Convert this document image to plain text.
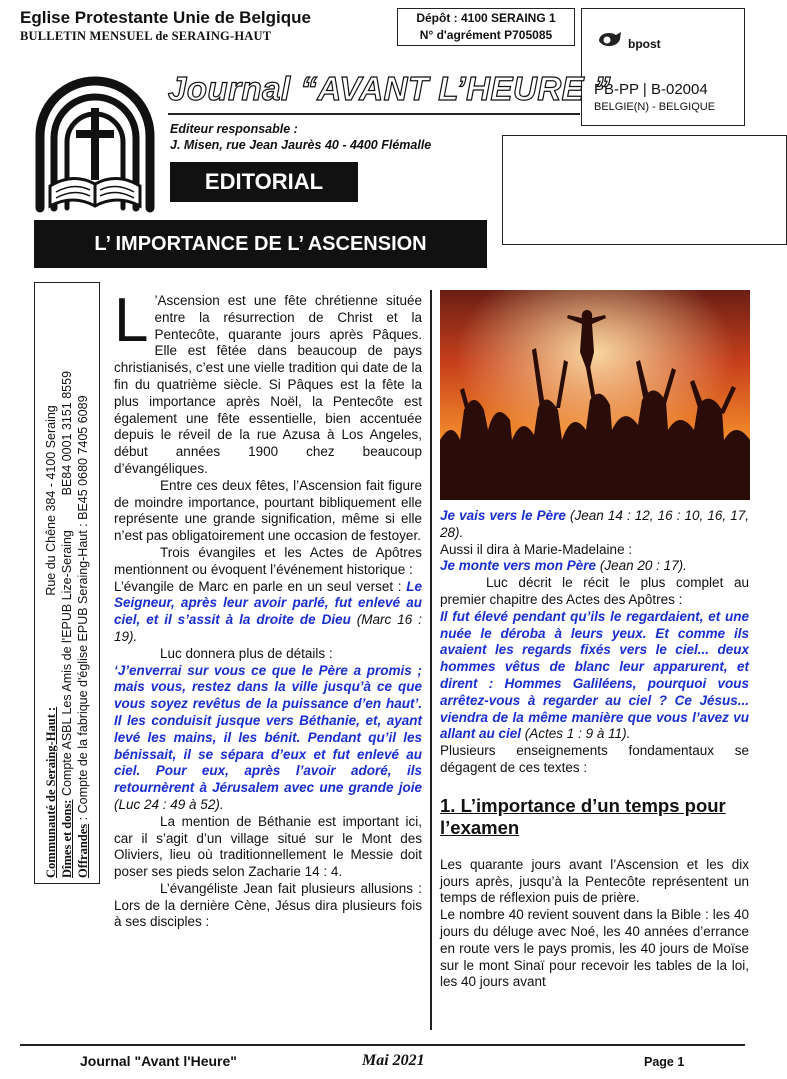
Eglise Protestante Unie de Belgique
BULLETIN MENSUEL de SERAING-HAUT
Dépôt : 4100 SERAING 1
N° d'agrément P705085
bpost
PB-PP | B-02004
BELGIE(N) - BELGIQUE
Journal “AVANT L’HEURE ”
Editeur responsable :
J. Misen, rue Jean Jaurès 40 - 4400 Flémalle
EDITORIAL
L’ IMPORTANCE DE L’ ASCENSION
Communauté de Seraing-Haut :                                Rue du Chêne 384 - 4100 Seraing
Dîmes et dons: Compte ASBL Les Amis de l'EPUB Lize-Seraing          BE84 0001 3151 8559
Offrandes : Compte de la fabrique d'église EPUB Seraing-Haut : BE45 0680 7405 6089

L ’Ascension est une fête chrétienne située entre la résurrection de Christ et la Pentecôte, quarante jours après Pâques. Elle est fêtée dans beaucoup de pays christianisés, c’est une vielle tradition qui date de la fin du quatrième siècle. Si Pâques est la fête la plus importance après Noël, la Pentecôte est également une fête essentielle, bien accentuée depuis le réveil de la rue Azusa à Los Angeles, début années 1900 chez beaucoup d’évangéliques.

Entre ces deux fêtes, l’Ascension fait figure de moindre importance, pourtant bibliquement elle représente une grande signification, même si elle n’est pas obligatoirement une occasion de festoyer.

Trois évangiles et les Actes de Apôtres mentionnent ou évoquent l’événement historique :

L’évangile de Marc en parle en un seul verset : Le Seigneur, après leur avoir parlé, fut enlevé au ciel, et il s’assit à la droite de Dieu (Marc 16 : 19).

Luc donnera plus de détails :

‘J’enverrai sur vous ce que le Père a promis ; mais vous, restez dans la ville jusqu’à ce que vous soyez revêtus de la puissance d’en haut’. Il les conduisit jusque vers Béthanie, et, ayant levé les mains, il les bénit. Pendant qu’il les bénissait, il se sépara d’eux et fut enlevé au ciel. Pour eux, après l’avoir adoré, ils retournèrent à Jérusalem avec une grande joie (Luc 24 : 49 à 52).

La mention de Béthanie est important ici, car il s’agit d’un village situé sur le Mont des Oliviers, lieu où traditionnellement le Messie doit poser ses pieds selon Zacharie 14 : 4.

L’évangéliste Jean fait plusieurs allusions : Lors de la dernière Cène, Jésus dira plusieurs fois à ses disciples :

Je vais vers le Père (Jean 14 : 12, 16 : 10, 16, 17, 28).

Aussi il dira à Marie-Madelaine :

Je monte vers mon Père (Jean 20 : 17).

Luc décrit le récit le plus complet au premier chapitre des Actes des Apôtres :

Il fut élevé pendant qu’ils le regardaient, et une nuée le déroba à leurs yeux. Et comme ils avaient les regards fixés vers le ciel... deux hommes vêtus de blanc leur apparurent, et dirent : Hommes Galiléens, pourquoi vous arrêtez-vous à regarder au ciel ? Ce Jésus... viendra de la même manière que vous l’avez vu allant au ciel (Actes 1 : 9 à 11).

Plusieurs enseignements fondamentaux se dégagent de ces textes :

1. L’importance d’un temps pour l’examen

Les quarante jours avant l’Ascension et les dix jours après, jusqu’à la Pentecôte représentent un temps de réflexion puis de prière.

Le nombre 40 revient souvent dans la Bible : les 40 jours du déluge avec Noé, les 40 années d’errance en route vers le pays promis, les 40 jours de Moïse sur le mont Sinaï pour recevoir les tables de la loi, les 40 jours avant

Journal "Avant l'Heure"	Mai 2021	Page 1
